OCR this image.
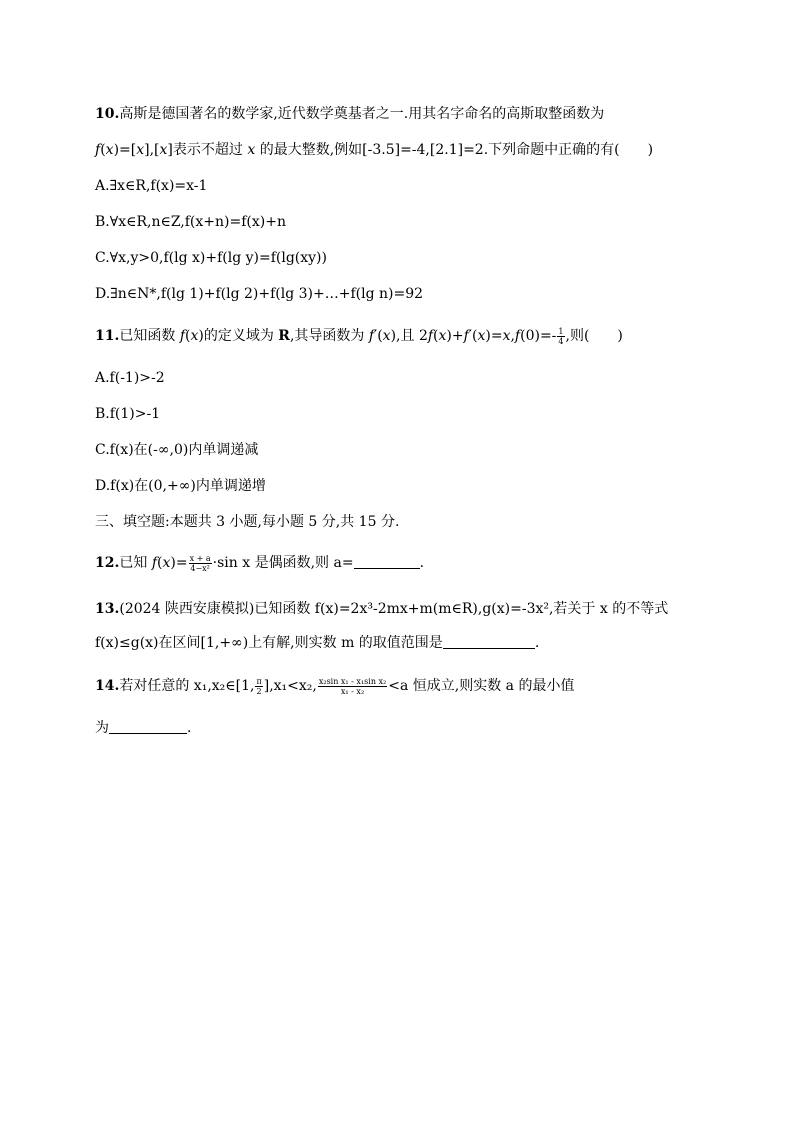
10.高斯是德国著名的数学家,近代数学奠基者之一.用其名字命名的高斯取整函数为
f(x)=[x],[x]表示不超过 x 的最大整数,例如[-3.5]=-4,[2.1]=2.下列命题中正确的有( )
A.∃x∈R,f(x)=x-1
B.∀x∈R,n∈Z,f(x+n)=f(x)+n
C.∀x,y>0,f(lg x)+f(lg y)=f(lg(xy))
D.∃n∈N*,f(lg 1)+f(lg 2)+f(lg 3)+…+f(lg n)=92
11.已知函数 f(x)的定义域为 R,其导函数为 f′(x),且 $2f(x)+f'(x)=x,f(0)=- \frac{1}{4}$ ,则( )
A.f(-1)>-2
B.f(1)>-1
C.f(x)在(-∞,0)内单调递减
D.f(x)在(0,+∞)内单调递增
三、填空题:本题共 3 小题,每小题 5 分,共 15 分.
12.已知 $f(x)= \frac{x + a}{\text{4−x²}} \cdot\sin$ x 是偶函数,则 a=	.
13.(2024 陕西安康模拟)已知函数 f(x)=2x³-2mx+m(m∈R),g(x)=-3x²,若关于 x 的不等式
f(x)≤g(x)在区间[1,+∞)上有解,则实数 m 的取值范围是	.
14.若对任意的 x₁,x₂∈[1, $\frac{\pi}{2} ],x_1<x_2$, $\frac{\text{x₂sin x₁ - x₁sin x₂}}{\text{x₁ - x₂}} <a$ 恒成立,则实数 a 的最小值
为	.
